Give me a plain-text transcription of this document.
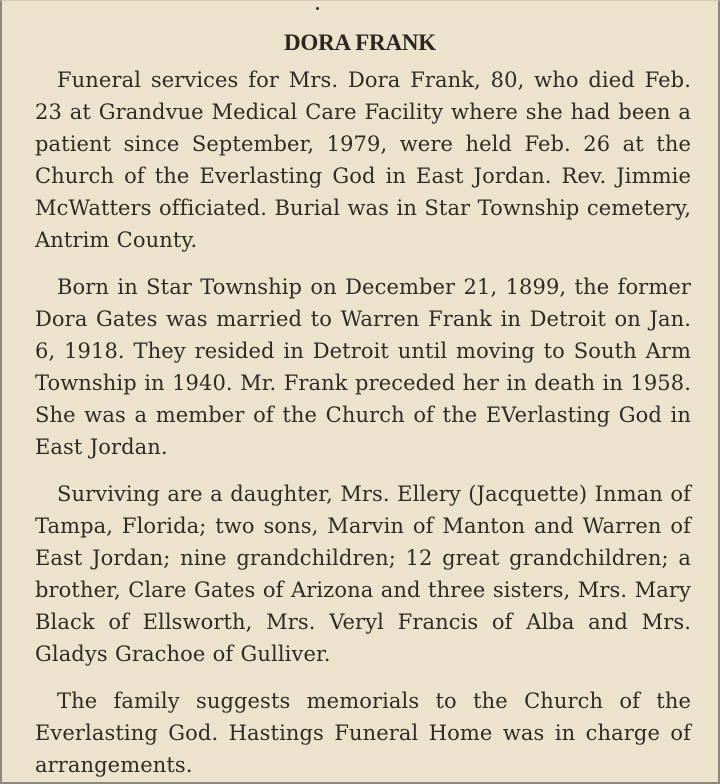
DORA FRANK

Funeral services for Mrs. Dora Frank, 80, who died Feb. 23 at Grandvue Medical Care Facility where she had been a patient since September, 1979, were held Feb. 26 at the Church of the Everlasting God in East Jordan. Rev. Jimmie McWatters officiated. Burial was in Star Township cemetery, Antrim County.

Born in Star Township on December 21, 1899, the former Dora Gates was married to Warren Frank in Detroit on Jan. 6, 1918. They resided in Detroit until moving to South Arm Township in 1940. Mr. Frank preceded her in death in 1958. She was a member of the Church of the EVerlasting God in East Jordan.

Surviving are a daughter, Mrs. Ellery (Jacquette) Inman of Tampa, Florida; two sons, Marvin of Manton and Warren of East Jordan; nine grandchildren; 12 great grandchildren; a brother, Clare Gates of Arizona and three sisters, Mrs. Mary Black of Ellsworth, Mrs. Veryl Francis of Alba and Mrs. Gladys Grachoe of Gulliver.

The family suggests memorials to the Church of the Everlasting God. Hastings Funeral Home was in charge of arrangements.
